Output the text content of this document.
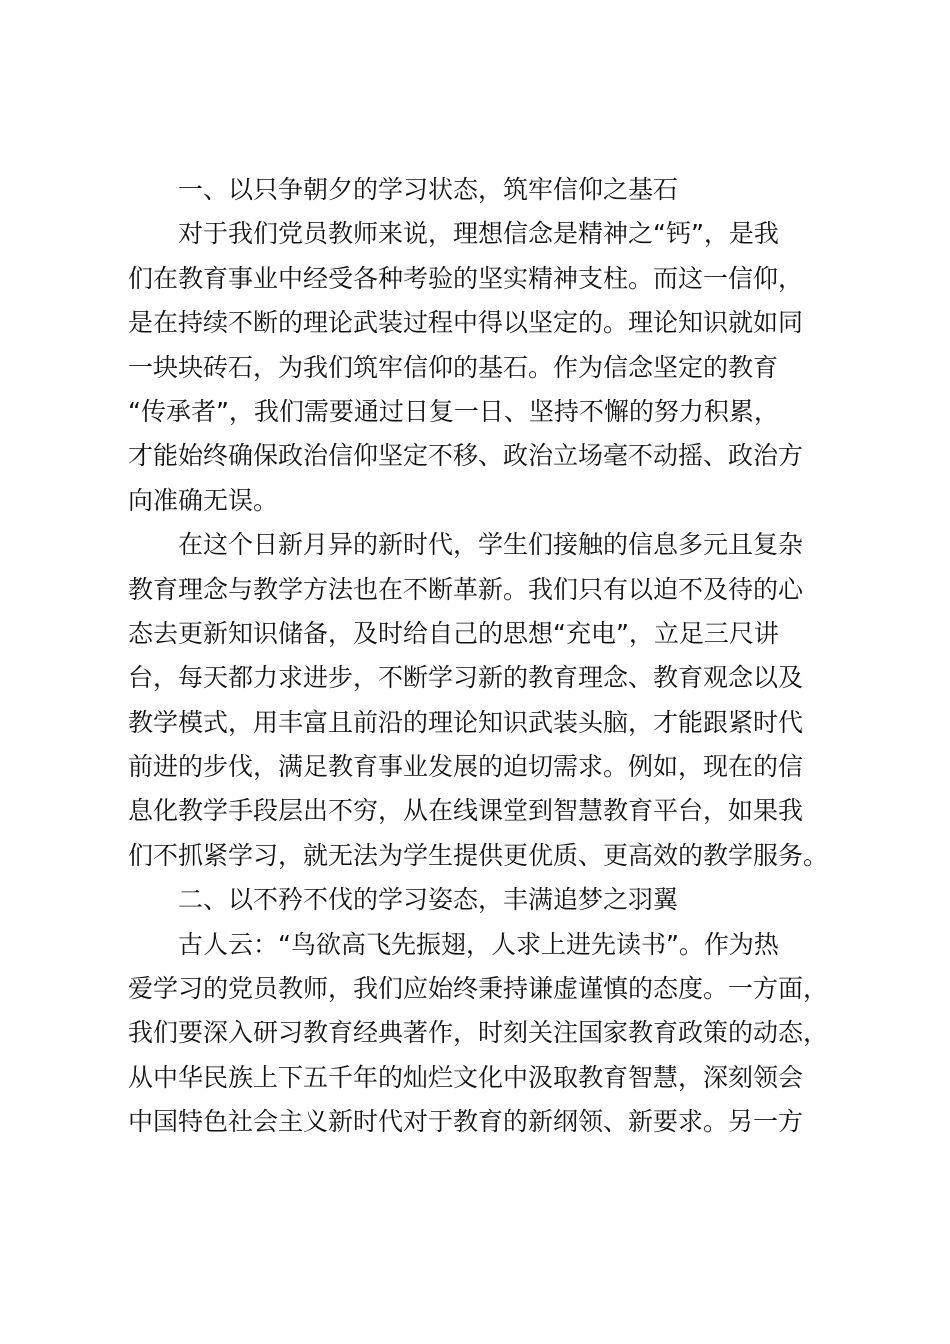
一、以只争朝夕的学习状态，筑牢信仰之基石
对于我们党员教师来说，理想信念是精神之“钙”，是我
们在教育事业中经受各种考验的坚实精神支柱。而这一信仰，
是在持续不断的理论武装过程中得以坚定的。理论知识就如同
一块块砖石，为我们筑牢信仰的基石。作为信念坚定的教育
“传承者”，我们需要通过日复一日、坚持不懈的努力积累，
才能始终确保政治信仰坚定不移、政治立场毫不动摇、政治方
向准确无误。
在这个日新月异的新时代，学生们接触的信息多元且复杂
教育理念与教学方法也在不断革新。我们只有以迫不及待的心
态去更新知识储备，及时给自己的思想“充电”，立足三尺讲
台，每天都力求进步，不断学习新的教育理念、教育观念以及
教学模式，用丰富且前沿的理论知识武装头脑，才能跟紧时代
前进的步伐，满足教育事业发展的迫切需求。例如，现在的信
息化教学手段层出不穷，从在线课堂到智慧教育平台，如果我
们不抓紧学习，就无法为学生提供更优质、更高效的教学服务。
二、以不矜不伐的学习姿态，丰满追梦之羽翼
古人云：“鸟欲高飞先振翅，人求上进先读书”。作为热
爱学习的党员教师，我们应始终秉持谦虚谨慎的态度。一方面，
我们要深入研习教育经典著作，时刻关注国家教育政策的动态，
从中华民族上下五千年的灿烂文化中汲取教育智慧，深刻领会
中国特色社会主义新时代对于教育的新纲领、新要求。另一方
